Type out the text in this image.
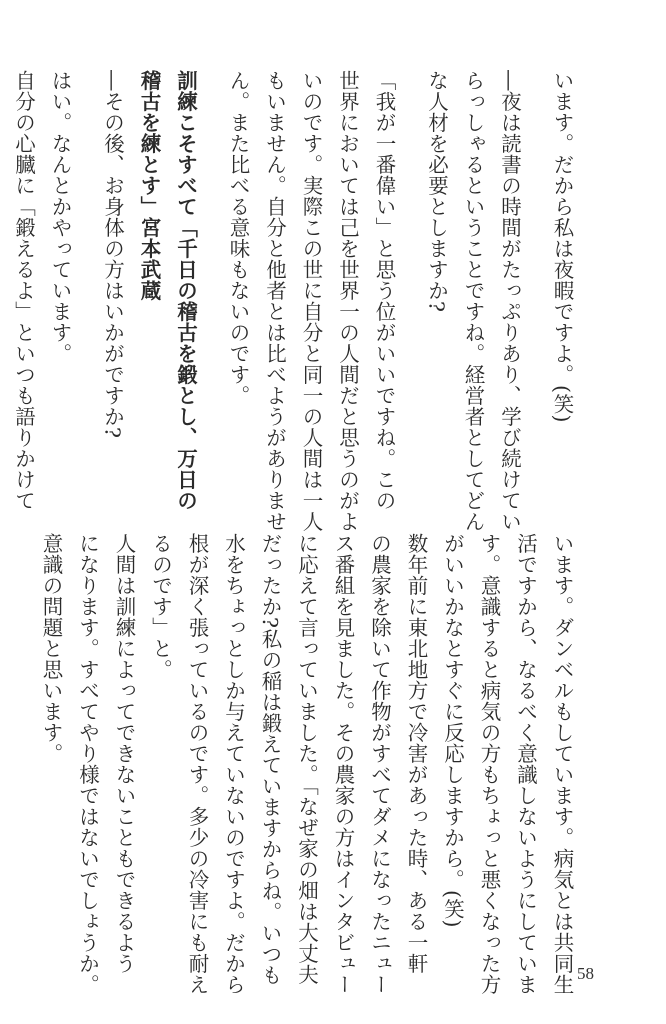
います。だから私は夜暇ですよ。(笑)
―夜は読書の時間がたっぷりあり、学び続けてい
らっしゃるということですね。経営者としてどん
な人材を必要としますか?
「我が一番偉い」と思う位がいいですね。この
世界においては己を世界一の人間だと思うのがよ
いのです。実際この世に自分と同一の人間は一人
もいません。自分と他者とは比べようがありませ
ん。また比べる意味もないのです。
訓練こそすべて「千日の稽古を鍛とし、万日の
稽古を練とす」宮本武蔵
―その後、お身体の方はいかがですか?
はい。なんとかやっています。
自分の心臓に「鍛えるよ」といつも語りかけて
います。ダンベルもしています。病気とは共同生
活ですから、なるべく意識しないようにしていま
す。意識すると病気の方もちょっと悪くなった方
がいいかなとすぐに反応しますから。(笑)
数年前に東北地方で冷害があった時、ある一軒
の農家を除いて作物がすべてダメになったニュー
ス番組を見ました。その農家の方はインタビュー
に応えて言っていました。「なぜ家の畑は大丈夫
だったか?私の稲は鍛えていますからね。いつも
水をちょっとしか与えていないのですよ。だから
根が深く張っているのです。多少の冷害にも耐え
るのです」と。
人間は訓練によってできないこともできるよう
になります。すべてやり様ではないでしょうか。
意識の問題と思います。
58
